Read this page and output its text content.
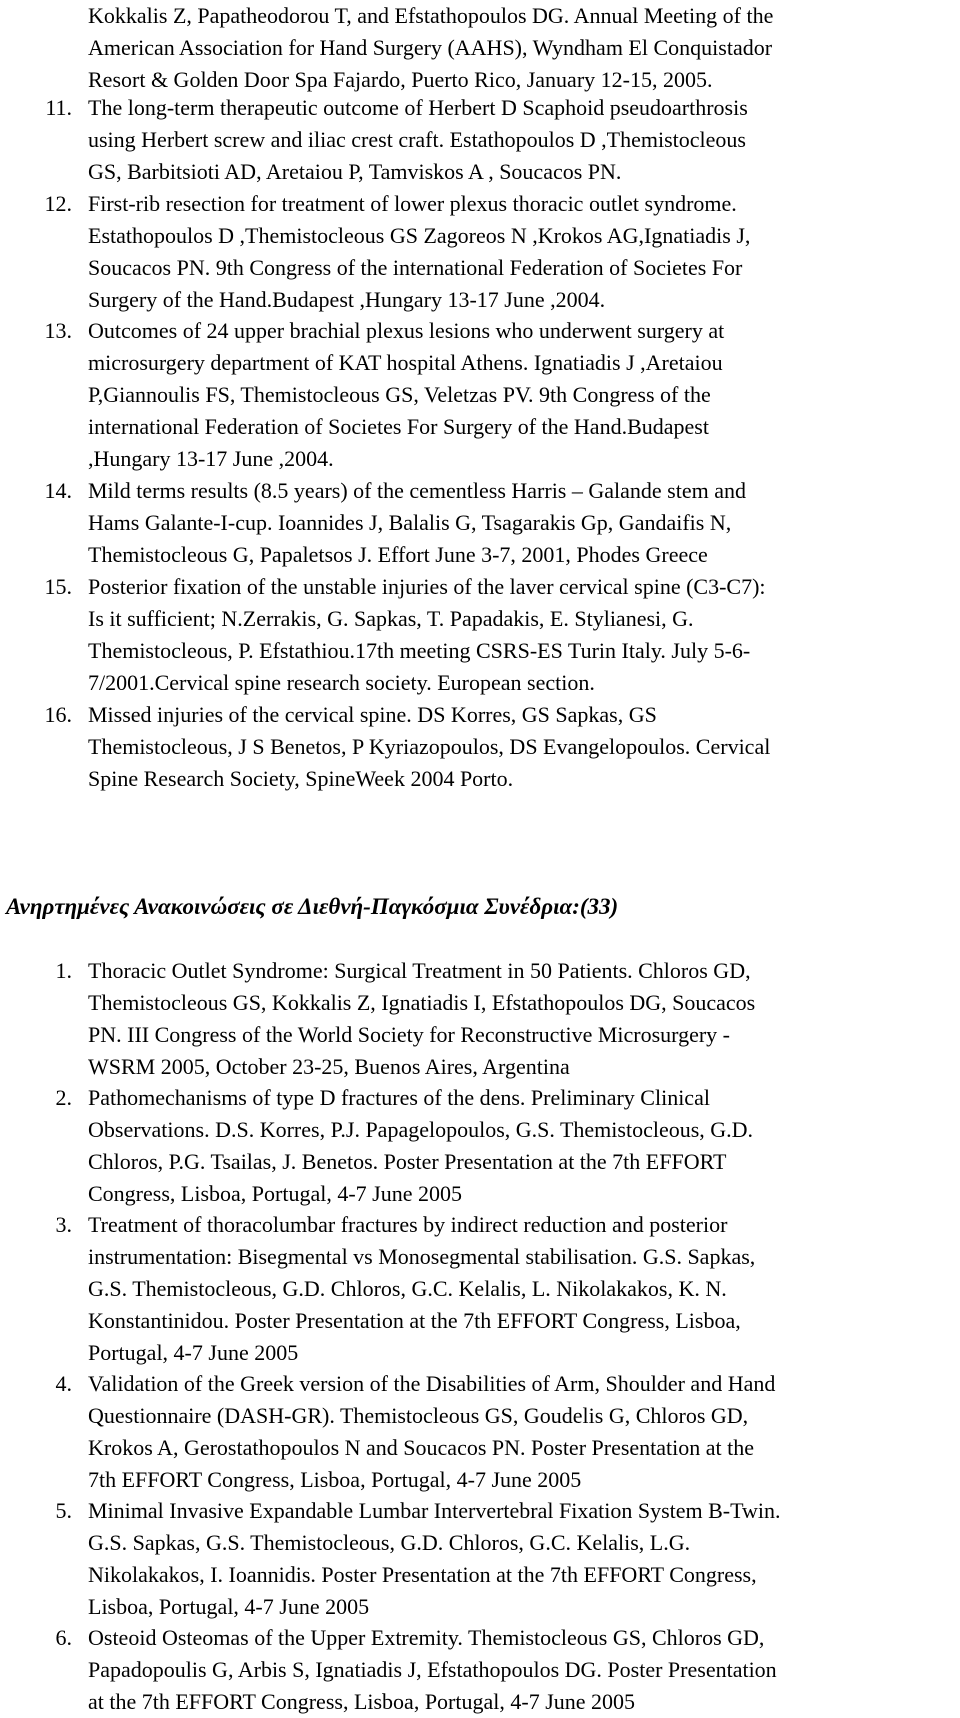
Kokkalis Z, Papatheodorou T, and Efstathopoulos DG. Annual Meeting of the
American Association for Hand Surgery (AAHS), Wyndham El Conquistador
Resort & Golden Door Spa Fajardo, Puerto Rico, January 12-15, 2005.
11. The long-term therapeutic outcome of Herbert D Scaphoid pseudoarthrosis
using Herbert screw and iliac crest craft. Estathopoulos D ,Themistocleous
GS, Barbitsioti AD, Aretaiou P, Tamviskos A , Soucacos PN.
12. First-rib resection for treatment of lower plexus thoracic outlet syndrome.
Estathopoulos D ,Themistocleous GS Zagoreos N ,Krokos AG,Ignatiadis J,
Soucacos PN. 9th Congress of the international Federation of Societes For
Surgery of the Hand.Budapest ,Hungary 13-17 June ,2004.
13. Outcomes of 24 upper brachial plexus lesions who underwent surgery at
microsurgery department of KAT hospital Athens. Ignatiadis J ,Aretaiou
P,Giannoulis FS, Themistocleous GS, Veletzas PV. 9th Congress of the
international Federation of Societes For Surgery of the Hand.Budapest
,Hungary 13-17 June ,2004.
14. Mild terms results (8.5 years) of the cementless Harris – Galande stem and
Hams Galante-I-cup. Ioannides J, Balalis G, Tsagarakis Gp, Gandaifis N,
Themistocleous G, Papaletsos J. Effort June 3-7, 2001, Phodes Greece
15. Posterior fixation of the unstable injuries of the laver cervical spine (C3-C7):
Is it sufficient; N.Zerrakis, G. Sapkas, T. Papadakis, E. Stylianesi, G.
Themistocleous, P. Efstathiou.17th meeting CSRS-ES Turin Italy. July 5-6-
7/2001.Cervical spine research society. European section.
16. Missed injuries of the cervical spine. DS Korres, GS Sapkas, GS
Themistocleous, J S Benetos, P Kyriazopoulos, DS Evangelopoulos. Cervical
Spine Research Society, SpineWeek 2004 Porto.
Ανηρτημένες Ανακοινώσεις σε Διεθνή-Παγκόσμια Συνέδρια:(33)
1. Thoracic Outlet Syndrome: Surgical Treatment in 50 Patients. Chloros GD,
Themistocleous GS, Kokkalis Z, Ignatiadis I, Efstathopoulos DG, Soucacos
PN. III Congress of the World Society for Reconstructive Microsurgery -
WSRM 2005, October 23-25, Buenos Aires, Argentina
2. Pathomechanisms of type D fractures of the dens. Preliminary Clinical
Observations. D.S. Korres, P.J. Papagelopoulos, G.S. Themistocleous, G.D.
Chloros, P.G. Tsailas, J. Benetos. Poster Presentation at the 7th EFFORT
Congress, Lisboa, Portugal, 4-7 June 2005
3. Treatment of thoracolumbar fractures by indirect reduction and posterior
instrumentation: Bisegmental vs Monosegmental stabilisation. G.S. Sapkas,
G.S. Themistocleous, G.D. Chloros, G.C. Kelalis, L. Nikolakakos, K. N.
Konstantinidou. Poster Presentation at the 7th EFFORT Congress, Lisboa,
Portugal, 4-7 June 2005
4. Validation of the Greek version of the Disabilities of Arm, Shoulder and Hand
Questionnaire (DASH-GR). Themistocleous GS, Goudelis G, Chloros GD,
Krokos A, Gerostathopoulos N and Soucacos PN. Poster Presentation at the
7th EFFORT Congress, Lisboa, Portugal, 4-7 June 2005
5. Minimal Invasive Expandable Lumbar Intervertebral Fixation System B-Twin.
G.S. Sapkas, G.S. Themistocleous, G.D. Chloros, G.C. Kelalis, L.G.
Nikolakakos, I. Ioannidis. Poster Presentation at the 7th EFFORT Congress,
Lisboa, Portugal, 4-7 June 2005
6. Osteoid Osteomas of the Upper Extremity. Themistocleous GS, Chloros GD,
Papadopoulis G, Arbis S, Ignatiadis J, Efstathopoulos DG. Poster Presentation
at the 7th EFFORT Congress, Lisboa, Portugal, 4-7 June 2005
